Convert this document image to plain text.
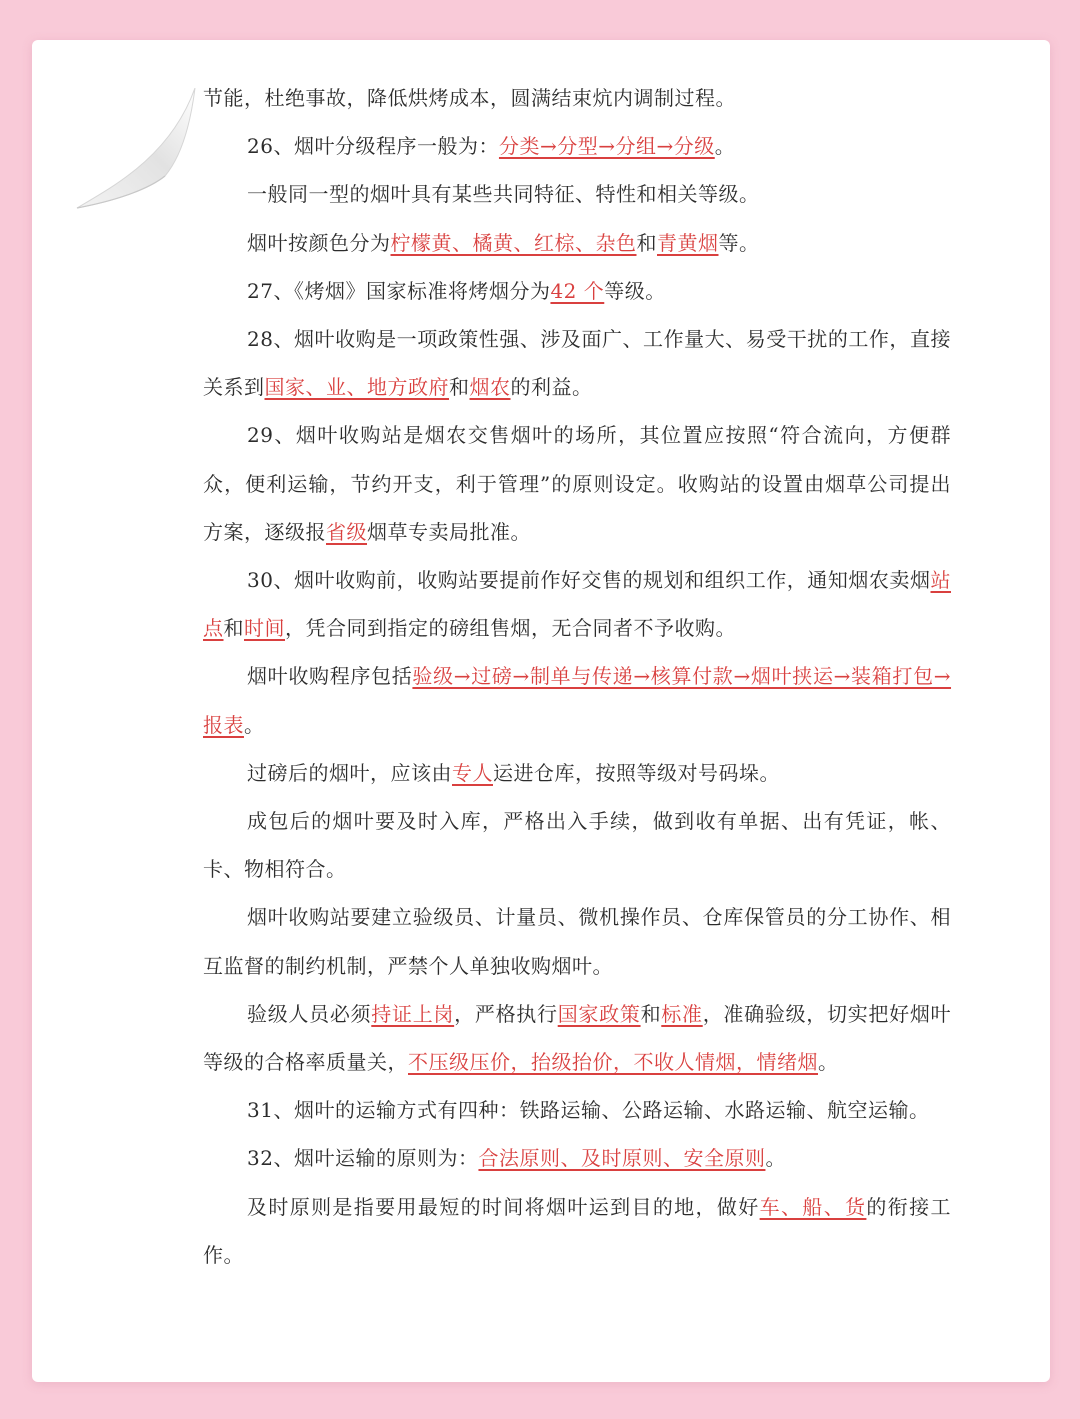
节能，杜绝事故，降低烘烤成本，圆满结束炕内调制过程。

26、烟叶分级程序一般为：分类→分型→分组→分级。

一般同一型的烟叶具有某些共同特征、特性和相关等级。

烟叶按颜色分为柠檬黄、橘黄、红棕、杂色和青黄烟等。

27、《烤烟》国家标准将烤烟分为42 个等级。

28、烟叶收购是一项政策性强、涉及面广、工作量大、易受干扰的工作，直接关系到国家、业、地方政府和烟农的利益。

29、烟叶收购站是烟农交售烟叶的场所，其位置应按照“符合流向，方便群众，便利运输，节约开支，利于管理”的原则设定。收购站的设置由烟草公司提出方案，逐级报省级烟草专卖局批准。

30、烟叶收购前，收购站要提前作好交售的规划和组织工作，通知烟农卖烟站点和时间，凭合同到指定的磅组售烟，无合同者不予收购。

烟叶收购程序包括验级→过磅→制单与传递→核算付款→烟叶挟运→装箱打包→报表。

过磅后的烟叶，应该由专人运进仓库，按照等级对号码垛。

成包后的烟叶要及时入库，严格出入手续，做到收有单据、出有凭证，帐、卡、物相符合。

烟叶收购站要建立验级员、计量员、微机操作员、仓库保管员的分工协作、相互监督的制约机制，严禁个人单独收购烟叶。

验级人员必须持证上岗，严格执行国家政策和标准，准确验级，切实把好烟叶等级的合格率质量关，不压级压价，抬级抬价，不收人情烟，情绪烟。

31、烟叶的运输方式有四种：铁路运输、公路运输、水路运输、航空运输。

32、烟叶运输的原则为：合法原则、及时原则、安全原则。

及时原则是指要用最短的时间将烟叶运到目的地，做好车、船、货的衔接工作。
